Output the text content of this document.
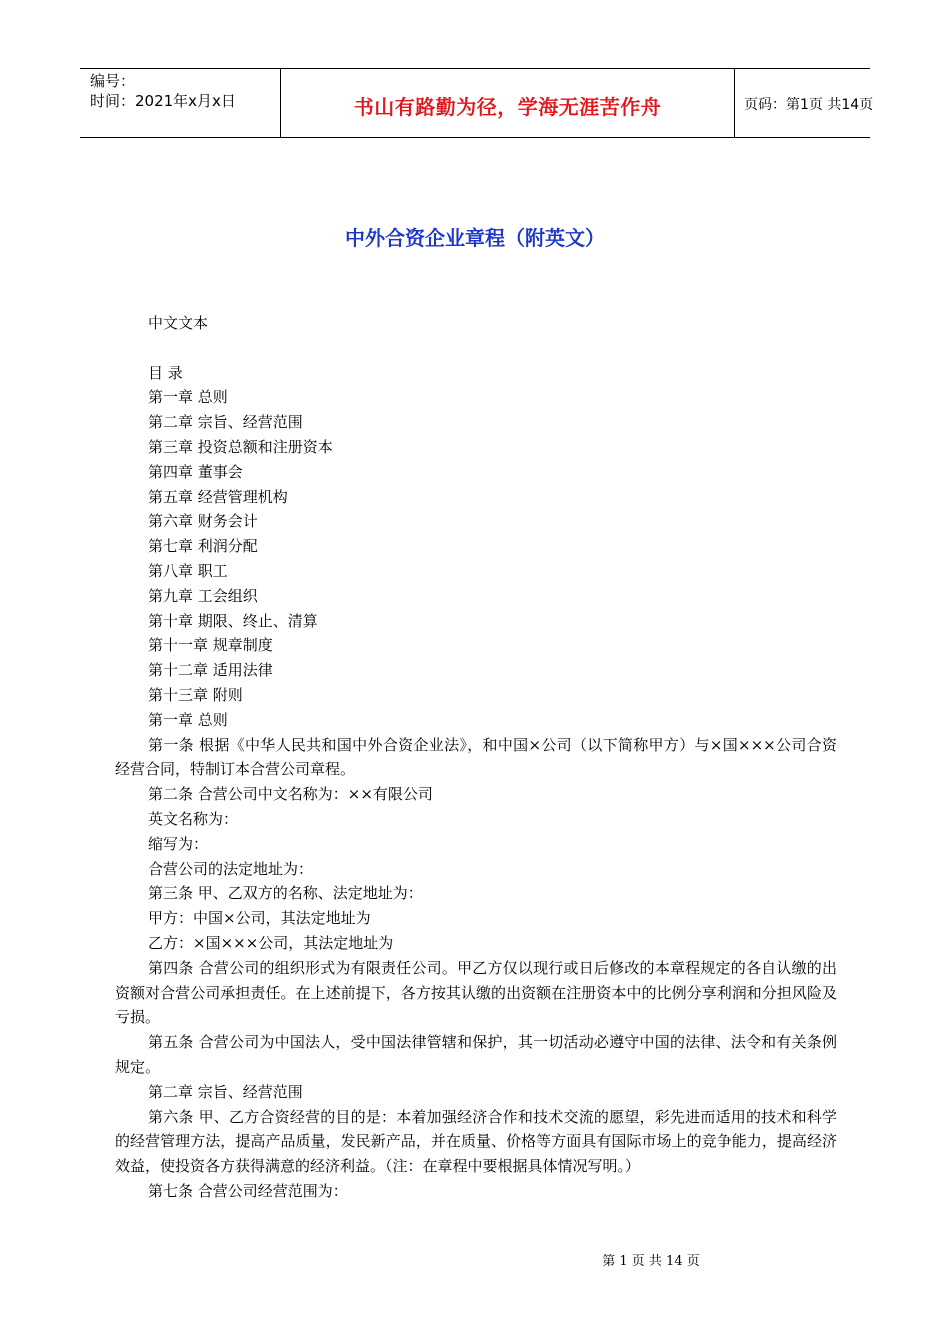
编号：
时间：2021年x月x日	书山有路勤为径，学海无涯苦作舟	页码：第1页 共14页
中外合资企业章程（附英文）

中文文本

目 录

第一章 总则

第二章 宗旨、经营范围

第三章 投资总额和注册资本

第四章 董事会

第五章 经营管理机构

第六章 财务会计

第七章 利润分配

第八章 职工

第九章 工会组织

第十章 期限、终止、清算

第十一章 规章制度

第十二章 适用法律

第十三章 附则

第一章 总则

第一条 根据《中华人民共和国中外合资企业法》，和中国×公司（以下简称甲方）与×国×××公司合资经营合同，特制订本合营公司章程。

第二条 合营公司中文名称为：××有限公司

英文名称为：

缩写为：

合营公司的法定地址为：

第三条 甲、乙双方的名称、法定地址为：

甲方：中国×公司，其法定地址为

乙方：×国×××公司，其法定地址为

第四条 合营公司的组织形式为有限责任公司。甲乙方仅以现行或日后修改的本章程规定的各自认缴的出资额对合营公司承担责任。在上述前提下，各方按其认缴的出资额在注册资本中的比例分享利润和分担风险及亏损。

第五条 合营公司为中国法人，受中国法律管辖和保护，其一切活动必遵守中国的法律、法令和有关条例规定。

第二章 宗旨、经营范围

第六条 甲、乙方合资经营的目的是：本着加强经济合作和技术交流的愿望，彩先进而适用的技术和科学的经营管理方法，提高产品质量，发民新产品，并在质量、价格等方面具有国际市场上的竞争能力，提高经济效益，使投资各方获得满意的经济利益。（注：在章程中要根据具体情况写明。）

第七条 合营公司经营范围为：

第 1 页 共 14 页
